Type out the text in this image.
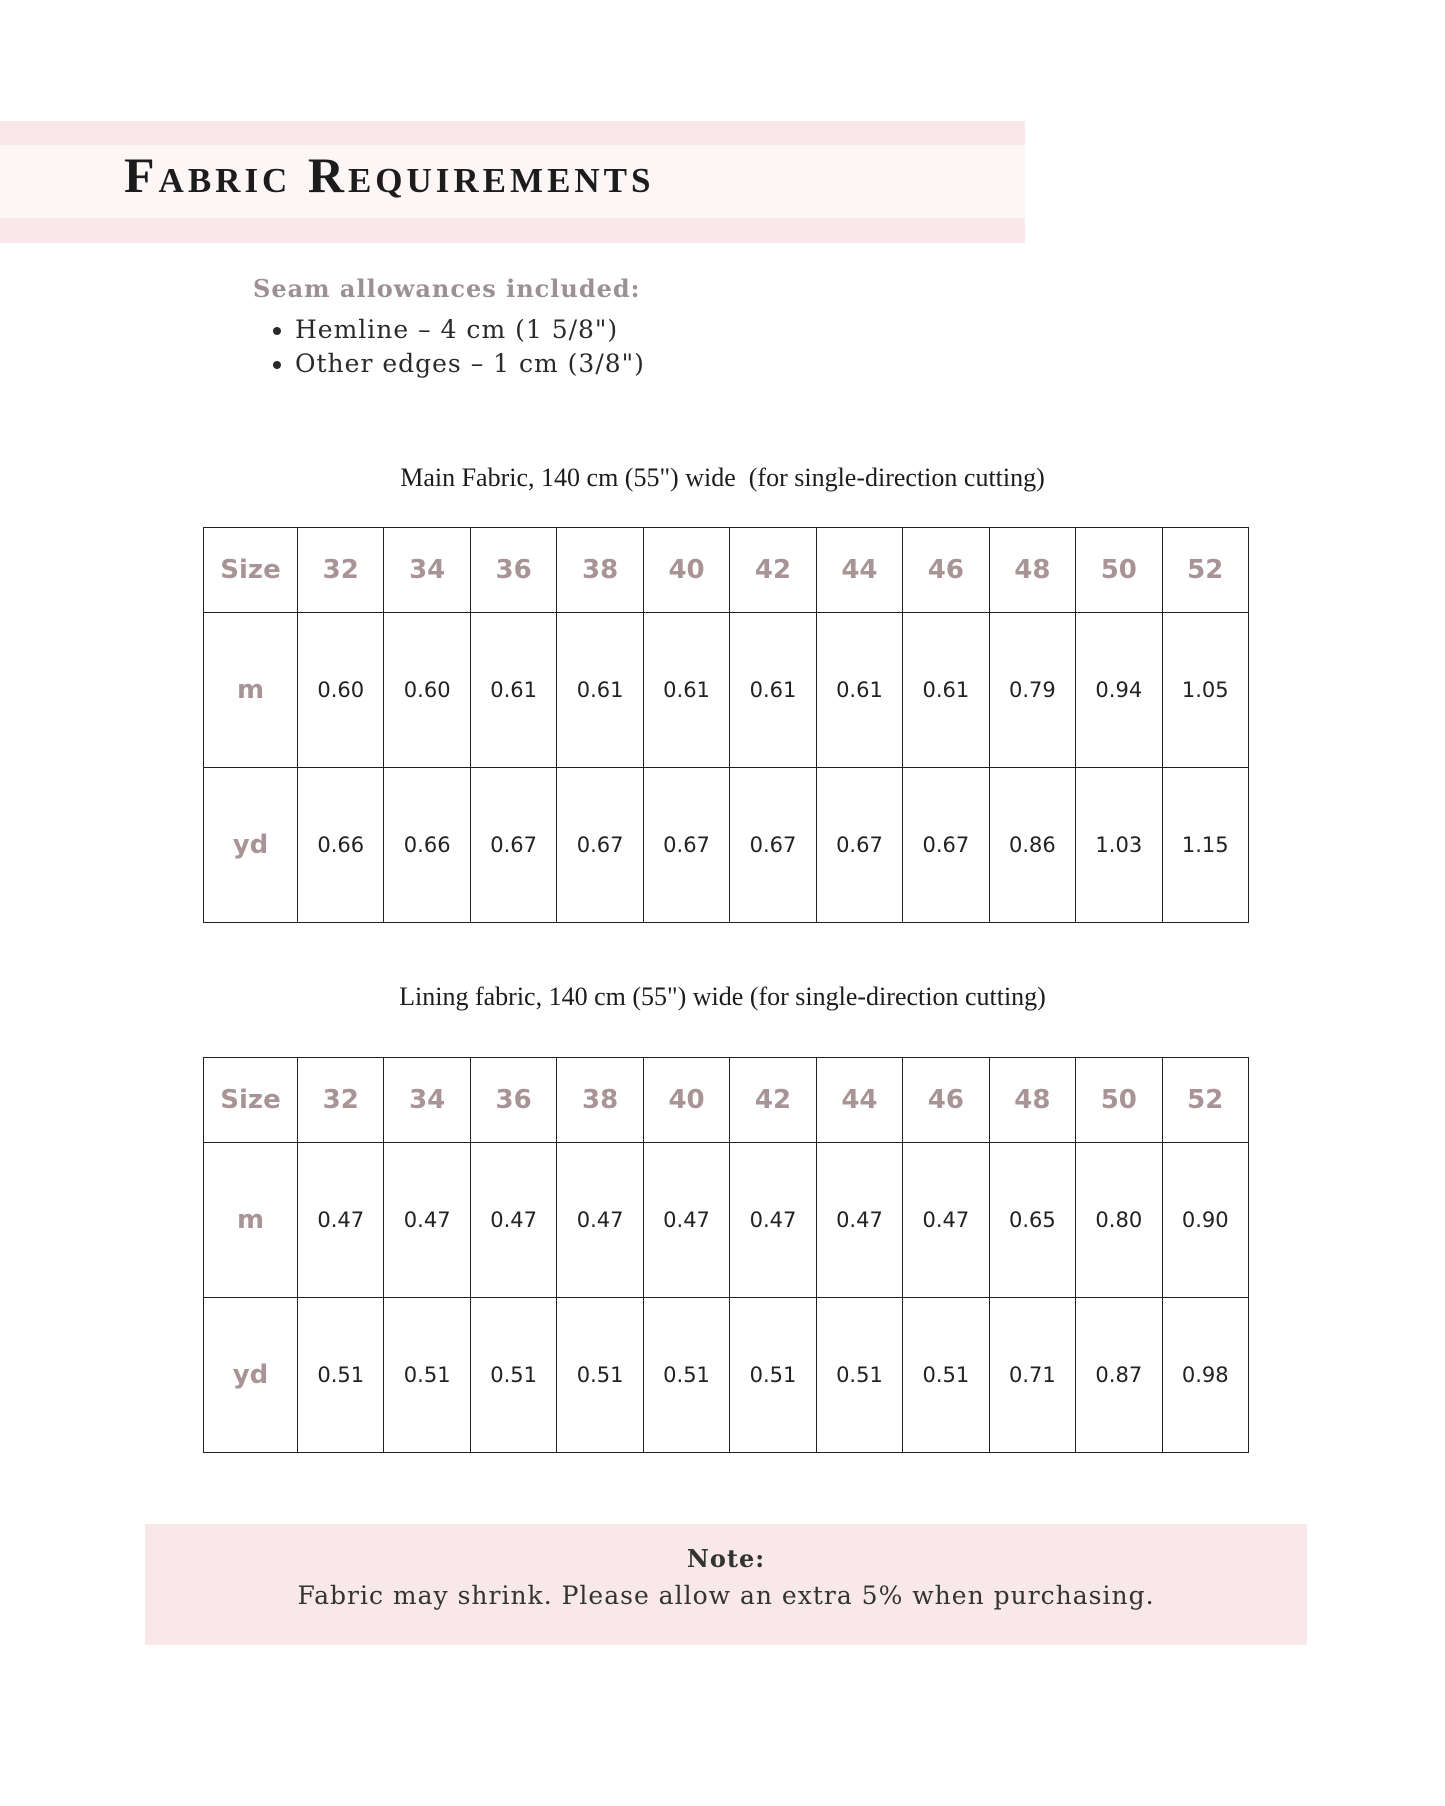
Fabric Requirements
Seam allowances included:
• Hemline – 4 cm (1 5/8")
• Other edges – 1 cm (3/8")
Main Fabric, 140 cm (55") wide  (for single-direction cutting)
Size	32	34	36	38	40	42	44	46	48	50	52
m	0.60	0.60	0.61	0.61	0.61	0.61	0.61	0.61	0.79	0.94	1.05
yd	0.66	0.66	0.67	0.67	0.67	0.67	0.67	0.67	0.86	1.03	1.15
Lining fabric, 140 cm (55") wide (for single-direction cutting)
Size	32	34	36	38	40	42	44	46	48	50	52
m	0.47	0.47	0.47	0.47	0.47	0.47	0.47	0.47	0.65	0.80	0.90
yd	0.51	0.51	0.51	0.51	0.51	0.51	0.51	0.51	0.71	0.87	0.98
Note:
Fabric may shrink. Please allow an extra 5% when purchasing.
